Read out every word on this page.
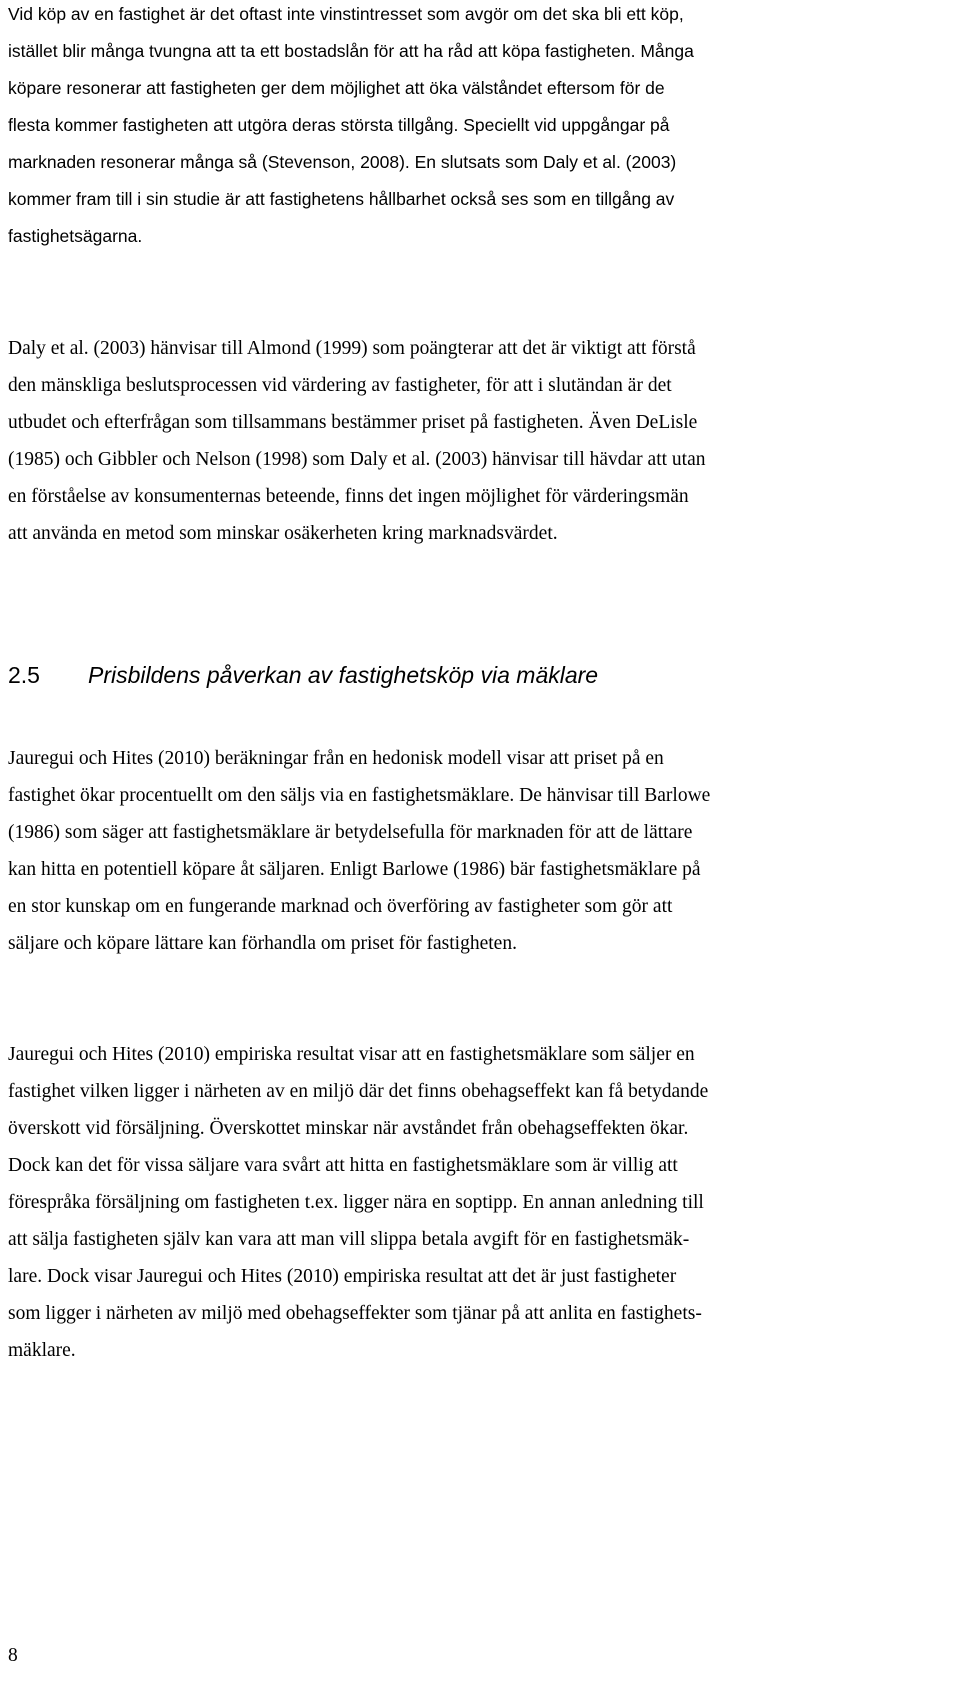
Vid köp av en fastighet är det oftast inte vinstintresset som avgör om det ska bli ett köp,
istället blir många tvungna att ta ett bostadslån för att ha råd att köpa fastigheten. Många
köpare resonerar att fastigheten ger dem möjlighet att öka välståndet eftersom för de
flesta kommer fastigheten att utgöra deras största tillgång. Speciellt vid uppgångar på
marknaden resonerar många så (Stevenson, 2008). En slutsats som Daly et al. (2003)
kommer fram till i sin studie är att fastighetens hållbarhet också ses som en tillgång av
fastighetsägarna.
Daly et al. (2003) hänvisar till Almond (1999) som poängterar att det är viktigt att förstå
den mänskliga beslutsprocessen vid värdering av fastigheter, för att i slutändan är det
utbudet och efterfrågan som tillsammans bestämmer priset på fastigheten. Även DeLisle
(1985) och Gibbler och Nelson (1998) som Daly et al. (2003) hänvisar till hävdar att utan
en förståelse av konsumenternas beteende, finns det ingen möjlighet för värderingsmän
att använda en metod som minskar osäkerheten kring marknadsvärdet.
2.5 Prisbildens påverkan av fastighetsköp via mäklare
Jauregui och Hites (2010) beräkningar från en hedonisk modell visar att priset på en
fastighet ökar procentuellt om den säljs via en fastighetsmäklare. De hänvisar till Barlowe
(1986) som säger att fastighetsmäklare är betydelsefulla för marknaden för att de lättare
kan hitta en potentiell köpare åt säljaren. Enligt Barlowe (1986) bär fastighetsmäklare på
en stor kunskap om en fungerande marknad och överföring av fastigheter som gör att
säljare och köpare lättare kan förhandla om priset för fastigheten.
Jauregui och Hites (2010) empiriska resultat visar att en fastighetsmäklare som säljer en
fastighet vilken ligger i närheten av en miljö där det finns obehagseffekt kan få betydande
överskott vid försäljning. Överskottet minskar när avståndet från obehagseffekten ökar.
Dock kan det för vissa säljare vara svårt att hitta en fastighetsmäklare som är villig att
förespråka försäljning om fastigheten t.ex. ligger nära en soptipp. En annan anledning till
att sälja fastigheten själv kan vara att man vill slippa betala avgift för en fastighetsmäk-
lare. Dock visar Jauregui och Hites (2010) empiriska resultat att det är just fastigheter
som ligger i närheten av miljö med obehagseffekter som tjänar på att anlita en fastighets-
mäklare.
8
